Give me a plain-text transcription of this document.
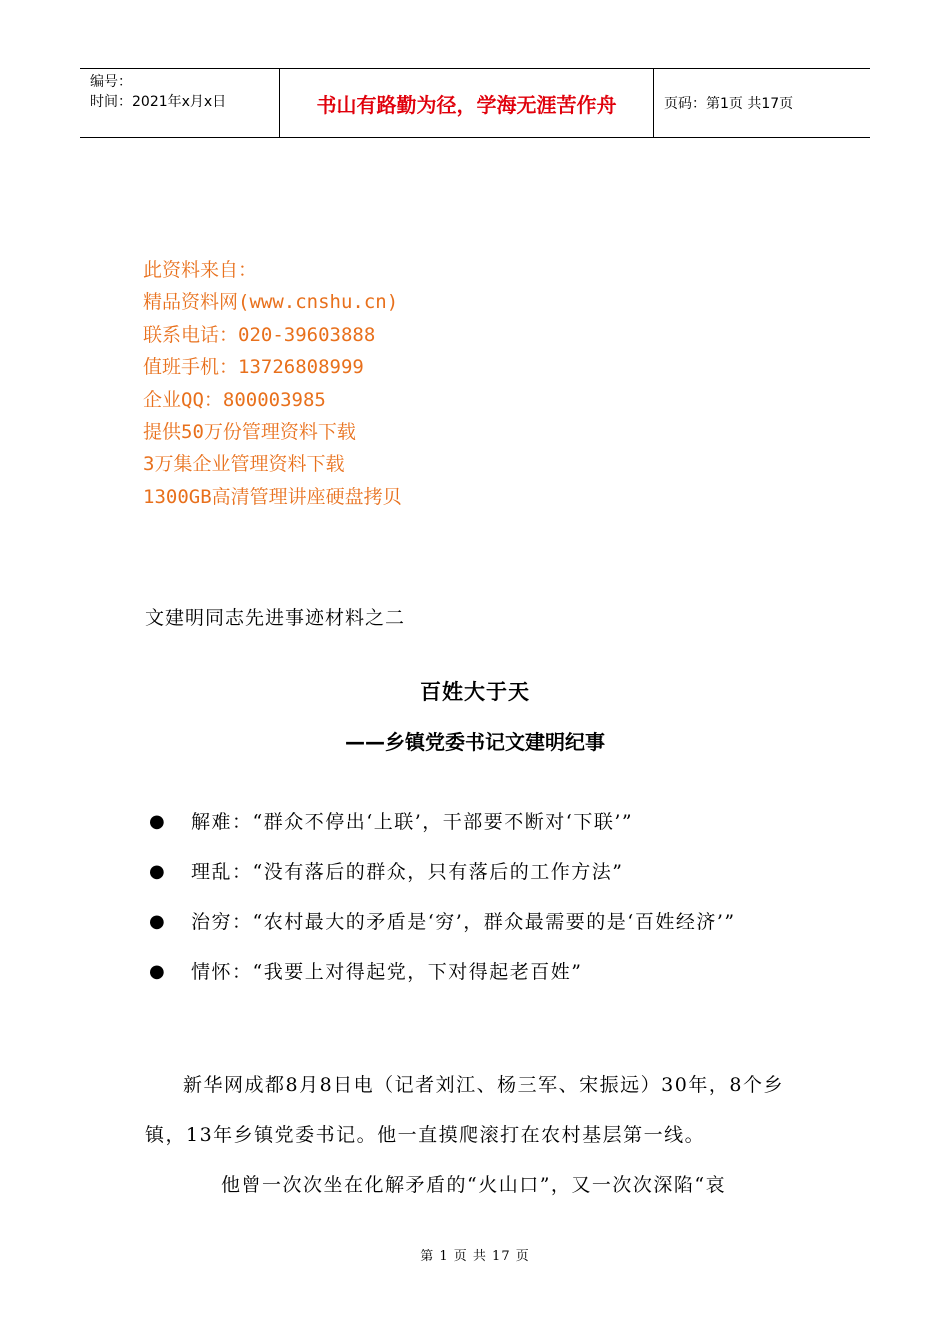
编号：
时间：2021年x月x日	书山有路勤为径，学海无涯苦作舟	页码：第1页 共17页
此资料来自：
精品资料网(www.cnshu.cn)
联系电话：020-39603888
值班手机：13726808999
企业QQ：800003985
提供50万份管理资料下载
3万集企业管理资料下载
1300GB高清管理讲座硬盘拷贝
文建明同志先进事迹材料之二
百姓大于天
——乡镇党委书记文建明纪事
● 解难：“群众不停出‘上联’，干部要不断对‘下联’”
● 理乱：“没有落后的群众，只有落后的工作方法”
● 治穷：“农村最大的矛盾是‘穷’，群众最需要的是‘百姓经济’”
● 情怀：“我要上对得起党，下对得起老百姓”
新华网成都8月8日电（记者刘江、杨三军、宋振远）30年，8个乡镇，13年乡镇党委书记。他一直摸爬滚打在农村基层第一线。
他曾一次次坐在化解矛盾的“火山口”，又一次次深陷“哀
第 1 页 共 17 页
